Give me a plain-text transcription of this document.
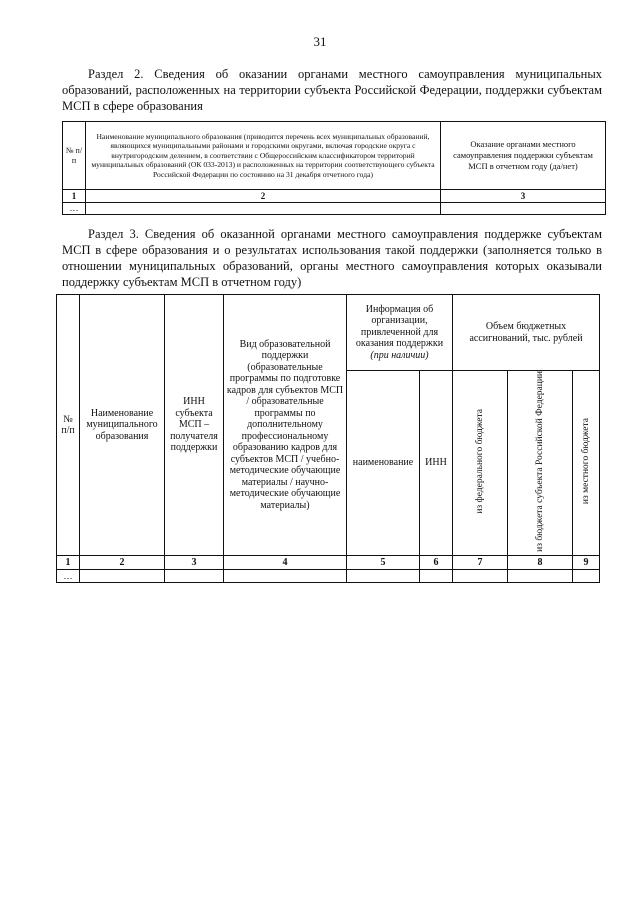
31

Раздел 2. Сведения об оказании органами местного самоуправления муниципальных образований, расположенных на территории субъекта Российской Федерации, поддержки субъектам МСП в сфере образования

№ п/п	Наименование муниципального образования (приводится перечень всех муниципальных образований, являющихся муниципальными районами и городскими округами, включая городские округа с внутригородским делением, в соответствии с Общероссийским классификатором территорий муниципальных образований (ОК 033-2013) и расположенных на территории соответствующего субъекта Российской Федерации по состоянию на 31 декабря отчетного года)	Оказание органами местного самоуправления поддержки субъектам МСП в отчетном году (да/нет)
1	2	3
…		

Раздел 3. Сведения об оказанной органами местного самоуправления поддержке субъектам МСП в сфере образования и о результатах использования такой поддержки (заполняется только в отношении муниципальных образований, органы местного самоуправления которых оказывали поддержку субъектам МСП в отчетном году)

№ п/п	Наименование муниципального образования	ИНН субъекта МСП – получателя поддержки	Вид образовательной поддержки (образовательные программы по подготовке кадров для субъектов МСП / образовательные программы по дополнительному профессиональному образованию кадров для субъектов МСП / учебно-методические обучающие материалы / научно-методические обучающие материалы)	Информация об организации, привлеченной для оказания поддержки (при наличии)		Объем бюджетных ассигнований, тыс. рублей		
				наименование	ИНН	из федерального бюджета	из бюджета субъекта Российской Федерации	из местного бюджета
1	2	3	4	5	6	7	8	9
…								
